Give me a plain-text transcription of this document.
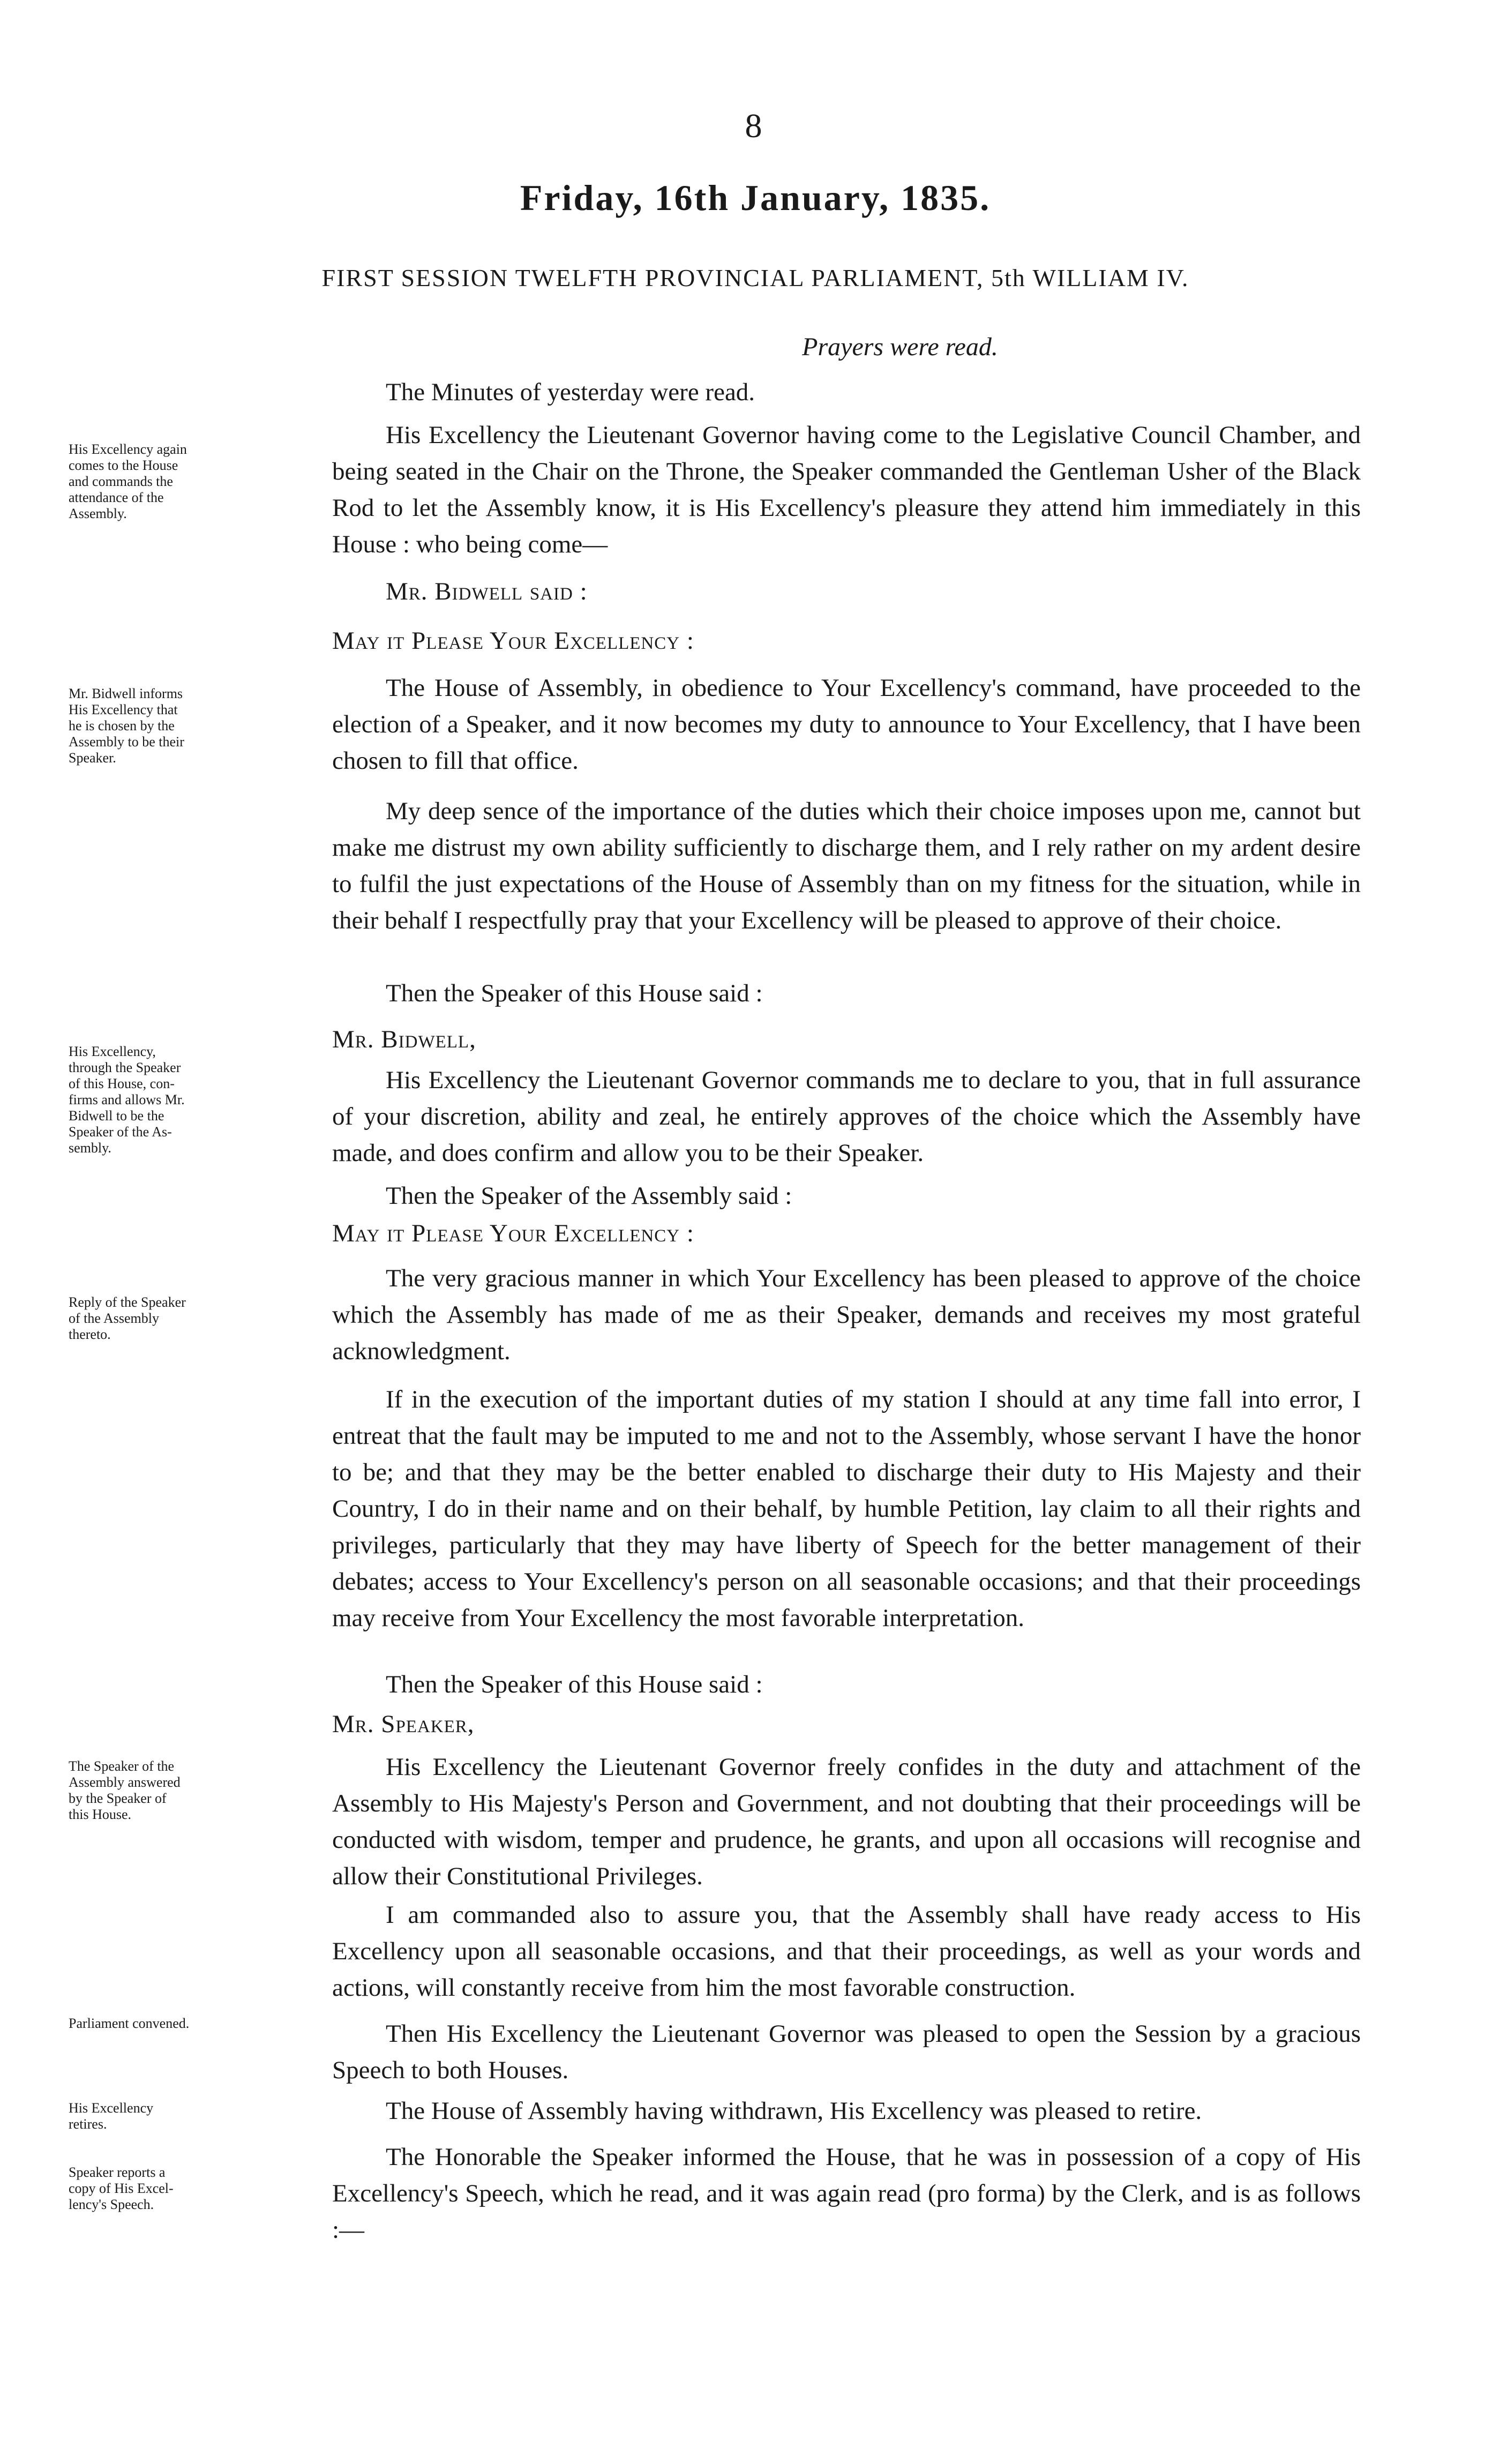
8
Friday, 16th January, 1835.
FIRST SESSION TWELFTH PROVINCIAL PARLIAMENT, 5th WILLIAM IV.
Prayers were read.
His Excellency again
comes to the House
and commands the
attendance of the
Assembly.
Mr. Bidwell informs
His Excellency that
he is chosen by the
Assembly to be their
Speaker.
His Excellency,
through the Speaker
of this House, con-
firms and allows Mr.
Bidwell to be the
Speaker of the As-
sembly.
Reply of the Speaker
of the Assembly
thereto.
The Speaker of the
Assembly answered
by the Speaker of
this House.
Parliament convened.
His Excellency
retires.
Speaker reports a
copy of His Excel-
lency's Speech.

The Minutes of yesterday were read.

His Excellency the Lieutenant Governor having come to the Legislative Council Chamber, and being seated in the Chair on the Throne, the Speaker commanded the Gentleman Usher of the Black Rod to let the Assembly know, it is His Excellency's pleasure they attend him immediately in this House : who being come—

Mr. Bidwell said :

May it Please Your Excellency :

The House of Assembly, in obedience to Your Excellency's command, have proceeded to the election of a Speaker, and it now becomes my duty to announce to Your Excellency, that I have been chosen to fill that office.

My deep sence of the importance of the duties which their choice imposes upon me, cannot but make me distrust my own ability sufficiently to discharge them, and I rely rather on my ardent desire to fulfil the just expectations of the House of Assembly than on my fitness for the situation, while in their behalf I respectfully pray that your Excellency will be pleased to approve of their choice.

Then the Speaker of this House said :

Mr. Bidwell,

His Excellency the Lieutenant Governor commands me to declare to you, that in full assurance of your discretion, ability and zeal, he entirely approves of the choice which the Assembly have made, and does confirm and allow you to be their Speaker.

Then the Speaker of the Assembly said :

May it Please Your Excellency :

The very gracious manner in which Your Excellency has been pleased to approve of the choice which the Assembly has made of me as their Speaker, demands and receives my most grateful acknowledgment.

If in the execution of the important duties of my station I should at any time fall into error, I entreat that the fault may be imputed to me and not to the Assembly, whose servant I have the honor to be; and that they may be the better enabled to discharge their duty to His Majesty and their Country, I do in their name and on their behalf, by humble Petition, lay claim to all their rights and privileges, particularly that they may have liberty of Speech for the better management of their debates; access to Your Excellency's person on all seasonable occasions; and that their proceedings may receive from Your Excellency the most favorable interpretation.

Then the Speaker of this House said :

Mr. Speaker,

His Excellency the Lieutenant Governor freely confides in the duty and attachment of the Assembly to His Majesty's Person and Government, and not doubting that their proceedings will be conducted with wisdom, temper and prudence, he grants, and upon all occasions will recognise and allow their Constitutional Privileges.

I am commanded also to assure you, that the Assembly shall have ready access to His Excellency upon all seasonable occasions, and that their proceedings, as well as your words and actions, will constantly receive from him the most favorable construction.

Then His Excellency the Lieutenant Governor was pleased to open the Session by a gracious Speech to both Houses.

The House of Assembly having withdrawn, His Excellency was pleased to retire.

The Honorable the Speaker informed the House, that he was in possession of a copy of His Excellency's Speech, which he read, and it was again read (pro forma) by the Clerk, and is as follows :—
